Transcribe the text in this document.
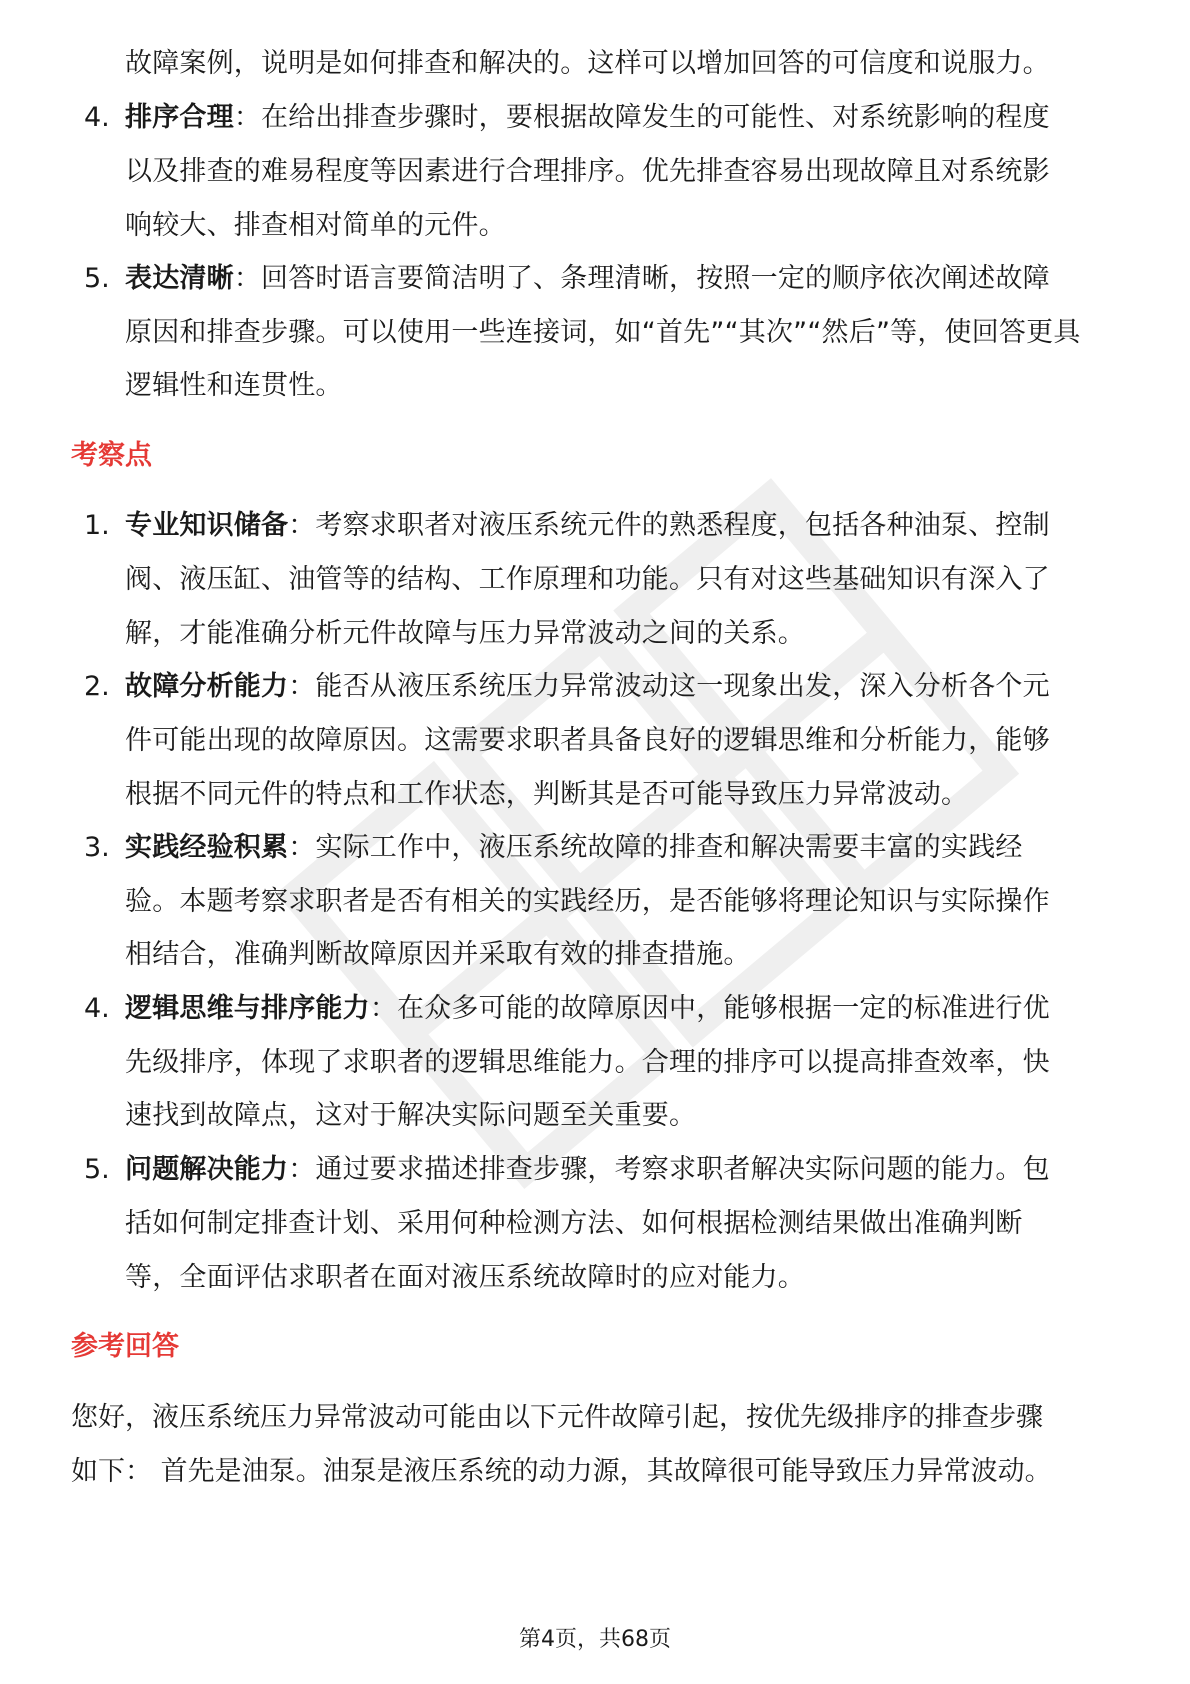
故障案例，说明是如何排查和解决的。这样可以增加回答的可信度和说服力。
4. 排序合理：在给出排查步骤时，要根据故障发生的可能性、对系统影响的程度
以及排查的难易程度等因素进行合理排序。优先排查容易出现故障且对系统影
响较大、排查相对简单的元件。
5. 表达清晰：回答时语言要简洁明了、条理清晰，按照一定的顺序依次阐述故障
原因和排查步骤。可以使用一些连接词，如“首先”“其次”“然后”等，使回答更具
逻辑性和连贯性。
考察点
1. 专业知识储备：考察求职者对液压系统元件的熟悉程度，包括各种油泵、控制
阀、液压缸、油管等的结构、工作原理和功能。只有对这些基础知识有深入了
解，才能准确分析元件故障与压力异常波动之间的关系。
2. 故障分析能力：能否从液压系统压力异常波动这一现象出发，深入分析各个元
件可能出现的故障原因。这需要求职者具备良好的逻辑思维和分析能力，能够
根据不同元件的特点和工作状态，判断其是否可能导致压力异常波动。
3. 实践经验积累：实际工作中，液压系统故障的排查和解决需要丰富的实践经
验。本题考察求职者是否有相关的实践经历，是否能够将理论知识与实际操作
相结合，准确判断故障原因并采取有效的排查措施。
4. 逻辑思维与排序能力：在众多可能的故障原因中，能够根据一定的标准进行优
先级排序，体现了求职者的逻辑思维能力。合理的排序可以提高排查效率，快
速找到故障点，这对于解决实际问题至关重要。
5. 问题解决能力：通过要求描述排查步骤，考察求职者解决实际问题的能力。包
括如何制定排查计划、采用何种检测方法、如何根据检测结果做出准确判断
等，全面评估求职者在面对液压系统故障时的应对能力。
参考回答
您好，液压系统压力异常波动可能由以下元件故障引起，按优先级排序的排查步骤
如下： 首先是油泵。油泵是液压系统的动力源，其故障很可能导致压力异常波动。
第4页，共68页
